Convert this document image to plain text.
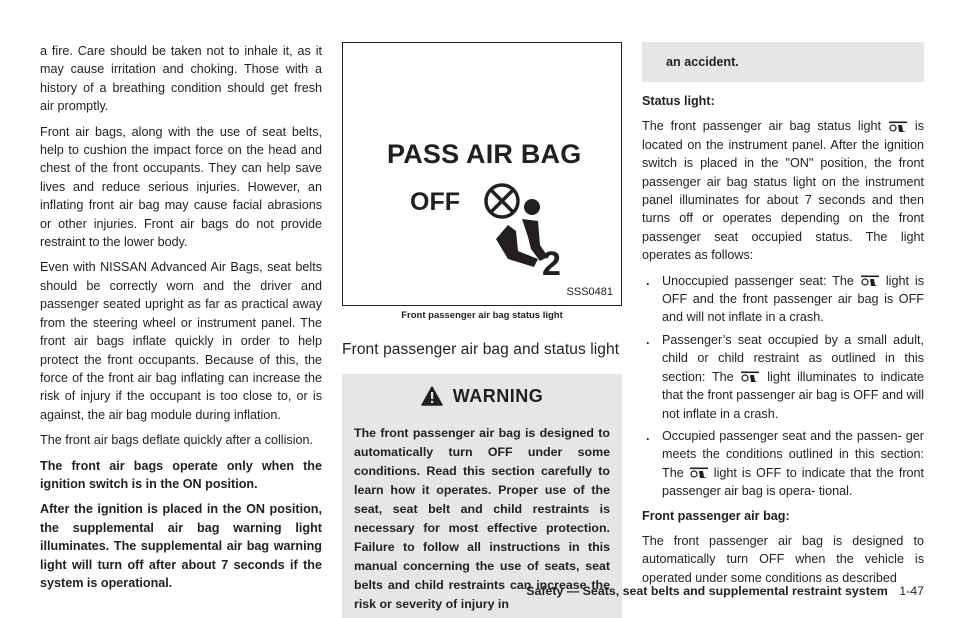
a fire. Care should be taken not to inhale it, as it may cause irritation and choking. Those with a history of a breathing condition should get fresh air promptly.

Front air bags, along with the use of seat belts, help to cushion the impact force on the head and chest of the front occupants. They can help save lives and reduce serious injuries. However, an inflating front air bag may cause facial abrasions or other injuries. Front air bags do not provide restraint to the lower body.

Even with NISSAN Advanced Air Bags, seat belts should be correctly worn and the driver and passenger seated upright as far as practical away from the steering wheel or instrument panel. The front air bags inflate quickly in order to help protect the front occupants. Because of this, the force of the front air bag inflating can increase the risk of injury if the occupant is too close to, or is against, the air bag module during inflation.

The front air bags deflate quickly after a collision.

The front air bags operate only when the ignition switch is in the ON position.

After the ignition is placed in the ON position, the supplemental air bag warning light illuminates. The supplemental air bag warning light will turn off after about 7 seconds if the system is operational.

PASS AIR BAG
OFF
2
SSS0481
Front passenger air bag status light
Front passenger air bag and status light
WARNING
The front passenger air bag is designed to automatically turn OFF under some conditions. Read this section carefully to learn how it operates. Proper use of the seat, seat belt and child restraints is necessary for most effective protection. Failure to follow all instructions in this manual concerning the use of seats, seat belts and child restraints can increase the risk or severity of injury in
an accident.

Status light:

The front passenger air bag status light	is located on the instrument panel. After the ignition switch is placed in the "ON" position, the front passenger air bag status light on the instrument panel illuminates for about 7 seconds and then turns off or operates depending on the front passenger seat occupied status. The light operates as follows:

. Unoccupied passenger seat: The	light is OFF and the front passenger air bag is OFF and will not inflate in a crash.
. Passenger’s seat occupied by a small adult, child or child restraint as outlined in this section: The	light illuminates to indicate that the front passenger air bag is OFF and will not inflate in a crash.
. Occupied passenger seat and the passen- ger meets the conditions outlined in this section: The light is OFF to indicate that the front passenger air bag is opera- tional.

Front passenger air bag:

The front passenger air bag is designed to automatically turn OFF when the vehicle is operated under some conditions as described

Safety — Seats, seat belts and supplemental restraint system 1-47
